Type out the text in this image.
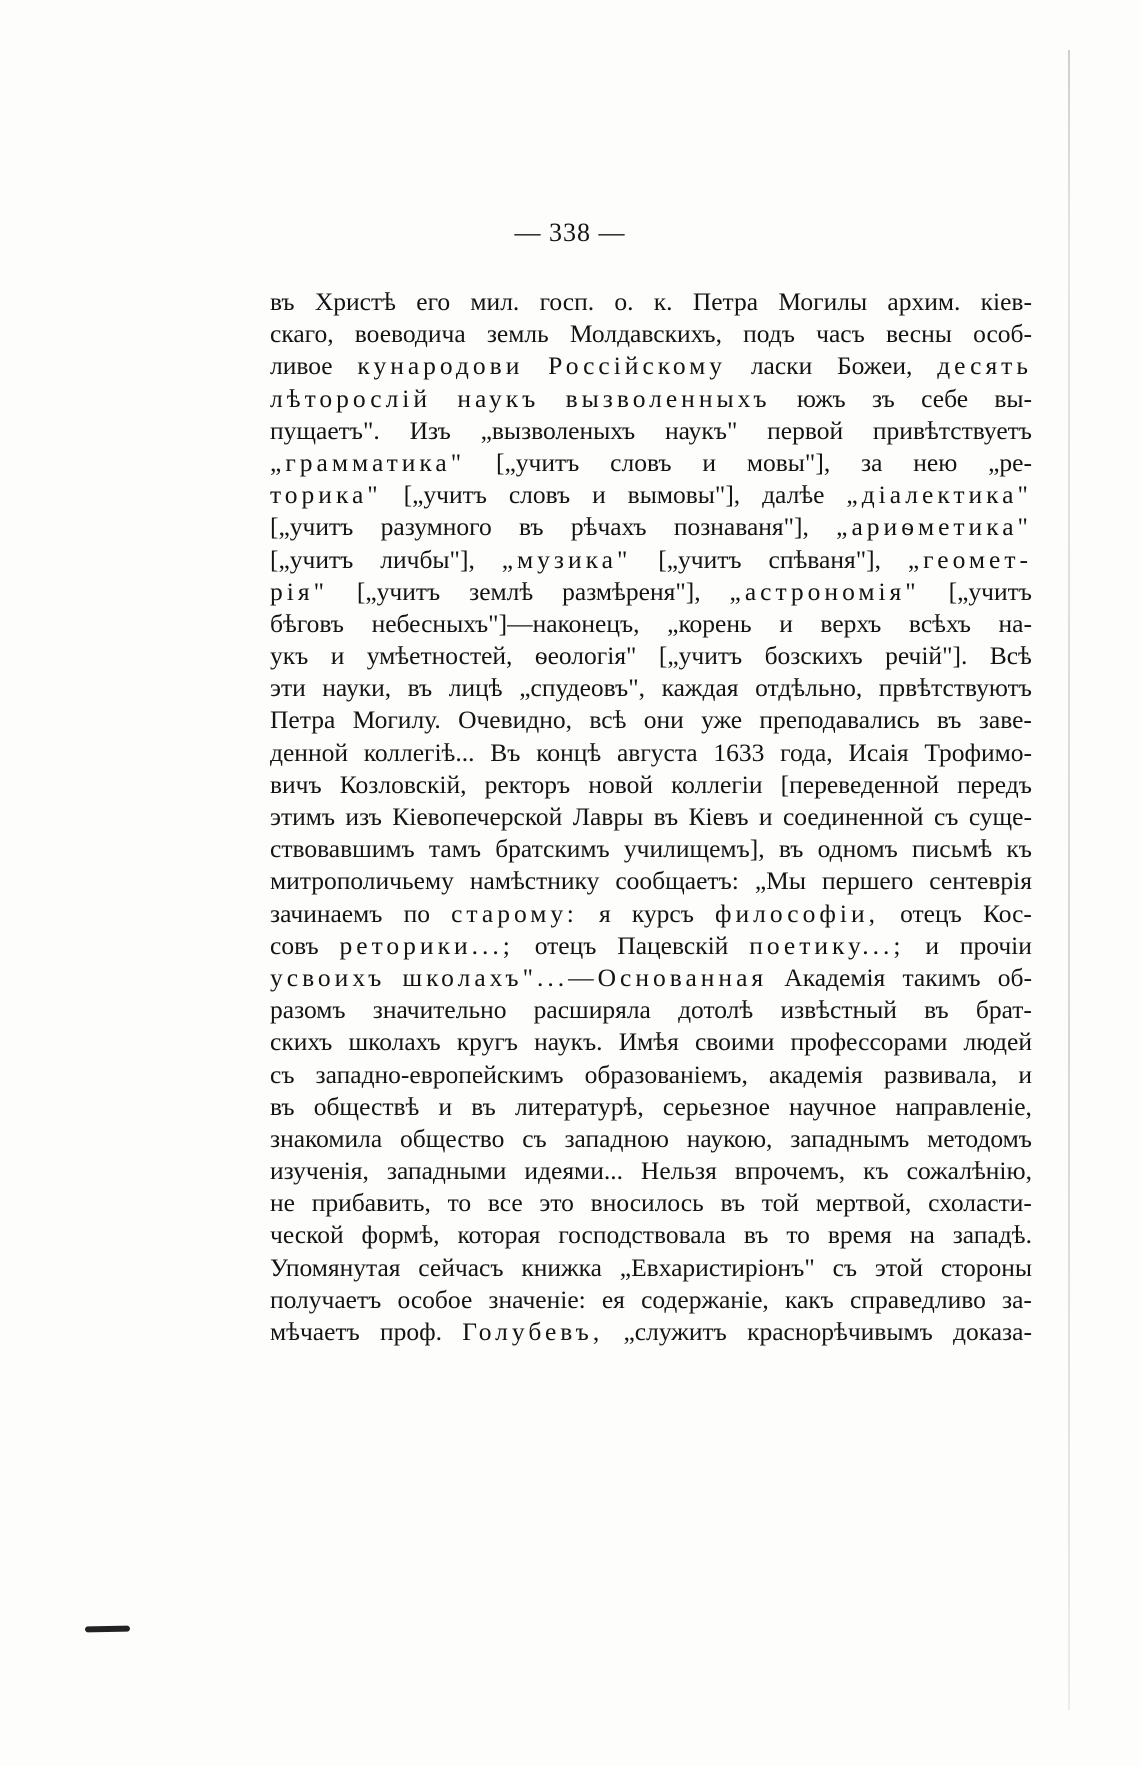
— 338 —
въ Христѣ его мил. госп. о. к. Петра Могилы архим. кіев-
скаго, воеводича земль Молдавскихъ, подъ часъ весны особ-
ливое кународови Россійскому ласки Божеи, десять
лѣторослій наукъ вызволенныхъ южъ зъ себе вы-
пущаетъ". Изъ „вызволеныхъ наукъ" первой привѣтствуетъ
„грамматика" [„учитъ словъ и мовы"], за нею „ре-
торика" [„учитъ словъ и вымовы"], далѣе „діалектика"
[„учитъ разумного въ рѣчахъ познаваня"], „ариѳметика"
[„учитъ личбы"], „музика" [„учитъ спѣваня"], „геомет-
рія" [„учитъ землѣ размѣреня"], „астрономія" [„учитъ
бѣговъ небесныхъ"]—наконецъ, „корень и верхъ всѣхъ на-
укъ и умѣетностей, ѳеологія" [„учитъ бозскихъ речій"]. Всѣ
эти науки, въ лицѣ „спудеовъ", каждая отдѣльно, првѣтствуютъ
Петра Могилу. Очевидно, всѣ они уже преподавались въ заве-
денной коллегіѣ... Въ концѣ августа 1633 года, Исаія Трофимо-
вичъ Козловскій, ректоръ новой коллегіи [переведенной передъ
этимъ изъ Кіевопечерской Лавры въ Кіевъ и соединенной съ суще-
ствовавшимъ тамъ братскимъ училищемъ], въ одномъ письмѣ къ
митрополичьему намѣстнику сообщаетъ: „Мы першего сентеврія
зачинаемъ по старому: я курсъ философіи, отецъ Кос-
совъ реторики...; отецъ Пацевскій поетику...; и прочіи
усвоихъ школахъ"...—Основанная Академія такимъ об-
разомъ значительно расширяла дотолѣ извѣстный въ брат-
скихъ школахъ кругъ наукъ. Имѣя своими профессорами людей
съ западно-европейскимъ образованіемъ, академія развивала, и
въ обществѣ и въ литературѣ, серьезное научное направленіе,
знакомила общество съ западною наукою, западнымъ методомъ
изученія, западными идеями... Нельзя впрочемъ, къ сожалѣнію,
не прибавить, то все это вносилось въ той мертвой, схоласти-
ческой формѣ, которая господствовала въ то время на западѣ.
Упомянутая сейчасъ книжка „Евхаристиріонъ" съ этой стороны
получаетъ особое значеніе: ея содержаніе, какъ справедливо за-
мѣчаетъ проф. Голубевъ, „служитъ краснорѣчивымъ доказа-
